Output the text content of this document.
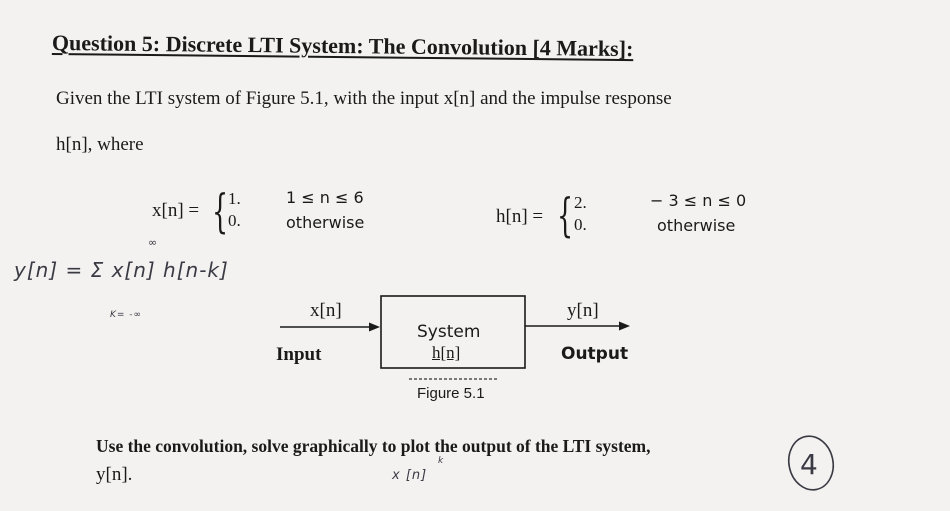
Question 5: Discrete LTI System: The Convolution [4 Marks]:
Given the LTI system of Figure 5.1, with the input x[n] and the impulse response
h[n], where
x[n] = { 1.
0.
1 ≤ n ≤ 6
otherwise	h[n] = { 2.
0.
− 3 ≤ n ≤ 0
otherwise
∞
y[n] = Σ x[n] h[n-k]
K= -∞	x[n]
Input
System
h[n]
y[n]
Output
Figure 5.1
Use the convolution, solve graphically to plot the output of the LTI system,
y[n].
k
x [n]	4
